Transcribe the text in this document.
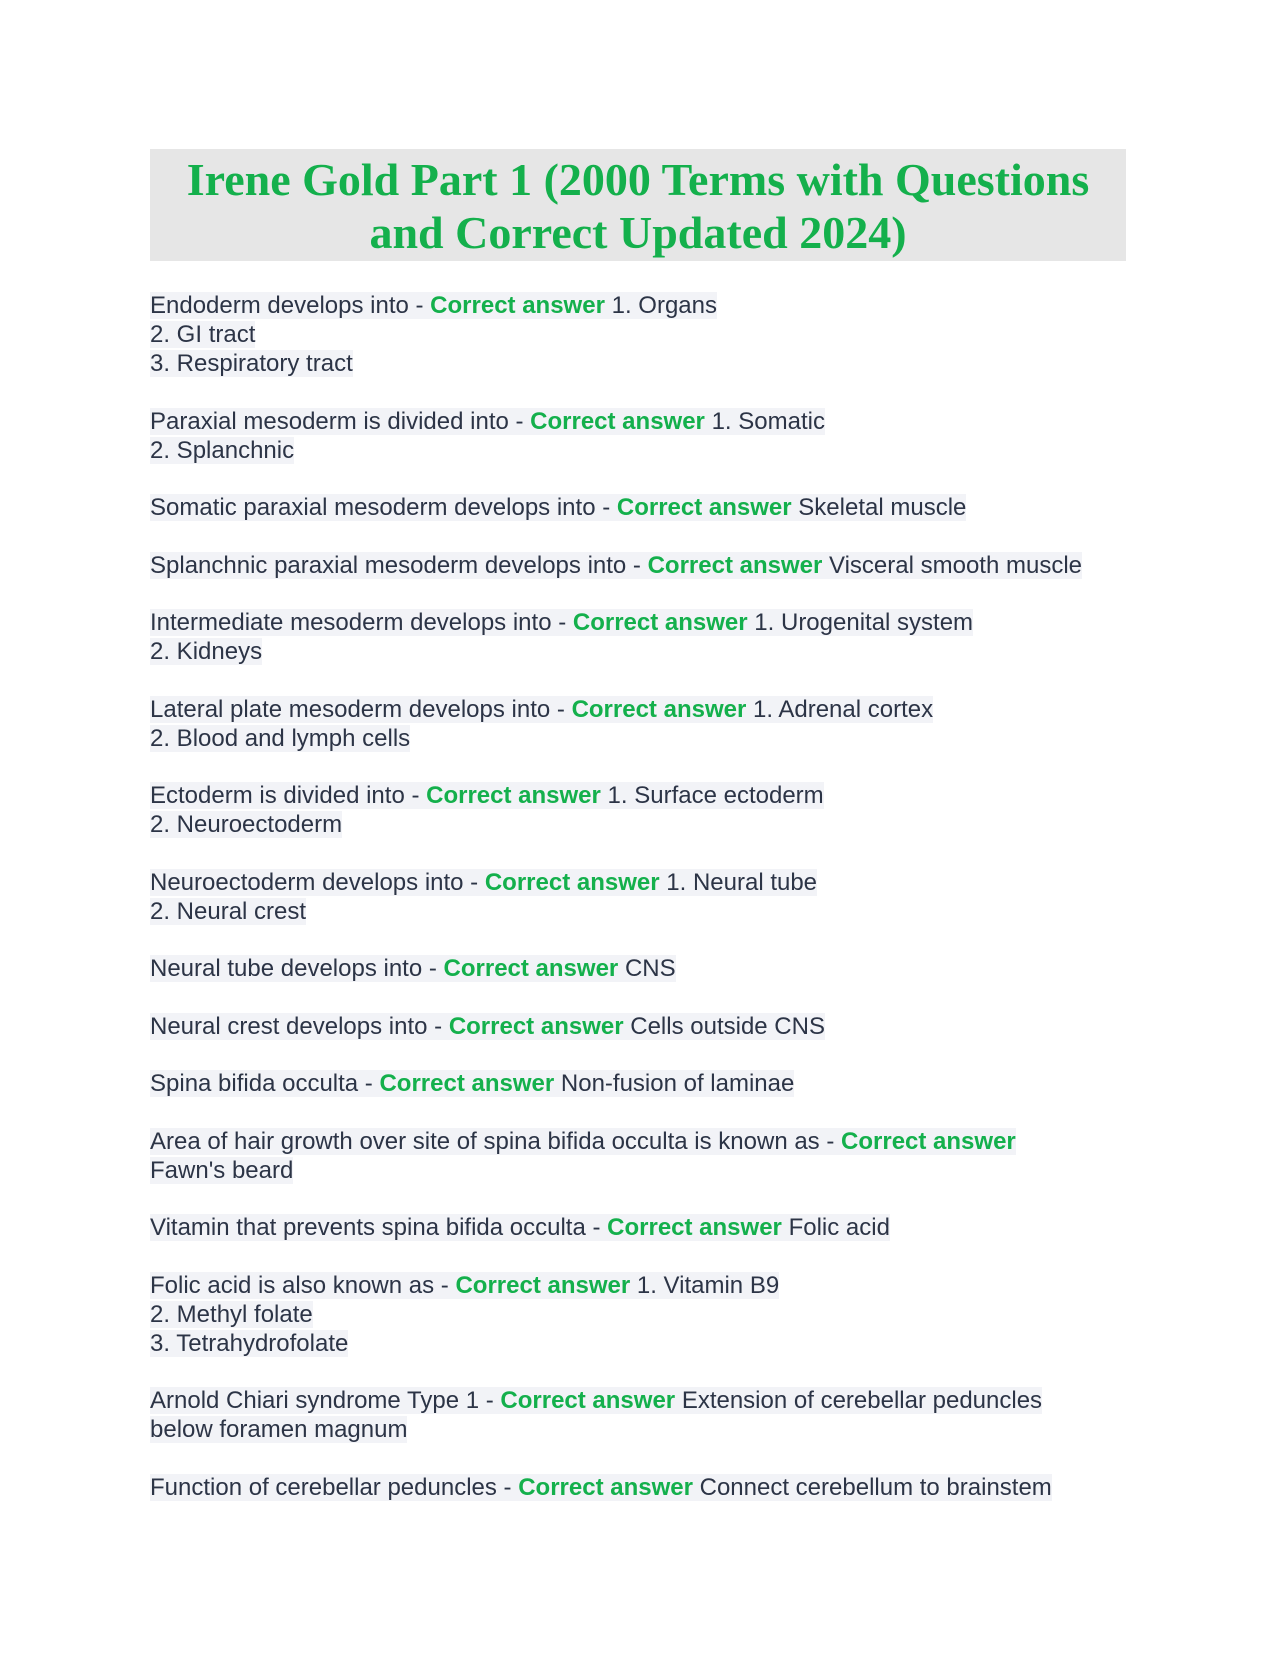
Irene Gold Part 1 (2000 Terms with Questions and Correct Updated 2024)
Endoderm develops into - Correct answer 1. Organs
2. GI tract
3. Respiratory tract
Paraxial mesoderm is divided into - Correct answer 1. Somatic
2. Splanchnic
Somatic paraxial mesoderm develops into - Correct answer Skeletal muscle
Splanchnic paraxial mesoderm develops into - Correct answer Visceral smooth muscle
Intermediate mesoderm develops into - Correct answer 1. Urogenital system
2. Kidneys
Lateral plate mesoderm develops into - Correct answer 1. Adrenal cortex
2. Blood and lymph cells
Ectoderm is divided into - Correct answer 1. Surface ectoderm
2. Neuroectoderm
Neuroectoderm develops into - Correct answer 1. Neural tube
2. Neural crest
Neural tube develops into - Correct answer CNS
Neural crest develops into - Correct answer Cells outside CNS
Spina bifida occulta - Correct answer Non-fusion of laminae
Area of hair growth over site of spina bifida occulta is known as - Correct answer
Fawn's beard
Vitamin that prevents spina bifida occulta - Correct answer Folic acid
Folic acid is also known as - Correct answer 1. Vitamin B9
2. Methyl folate
3. Tetrahydrofolate
Arnold Chiari syndrome Type 1 - Correct answer Extension of cerebellar peduncles
below foramen magnum
Function of cerebellar peduncles - Correct answer Connect cerebellum to brainstem
